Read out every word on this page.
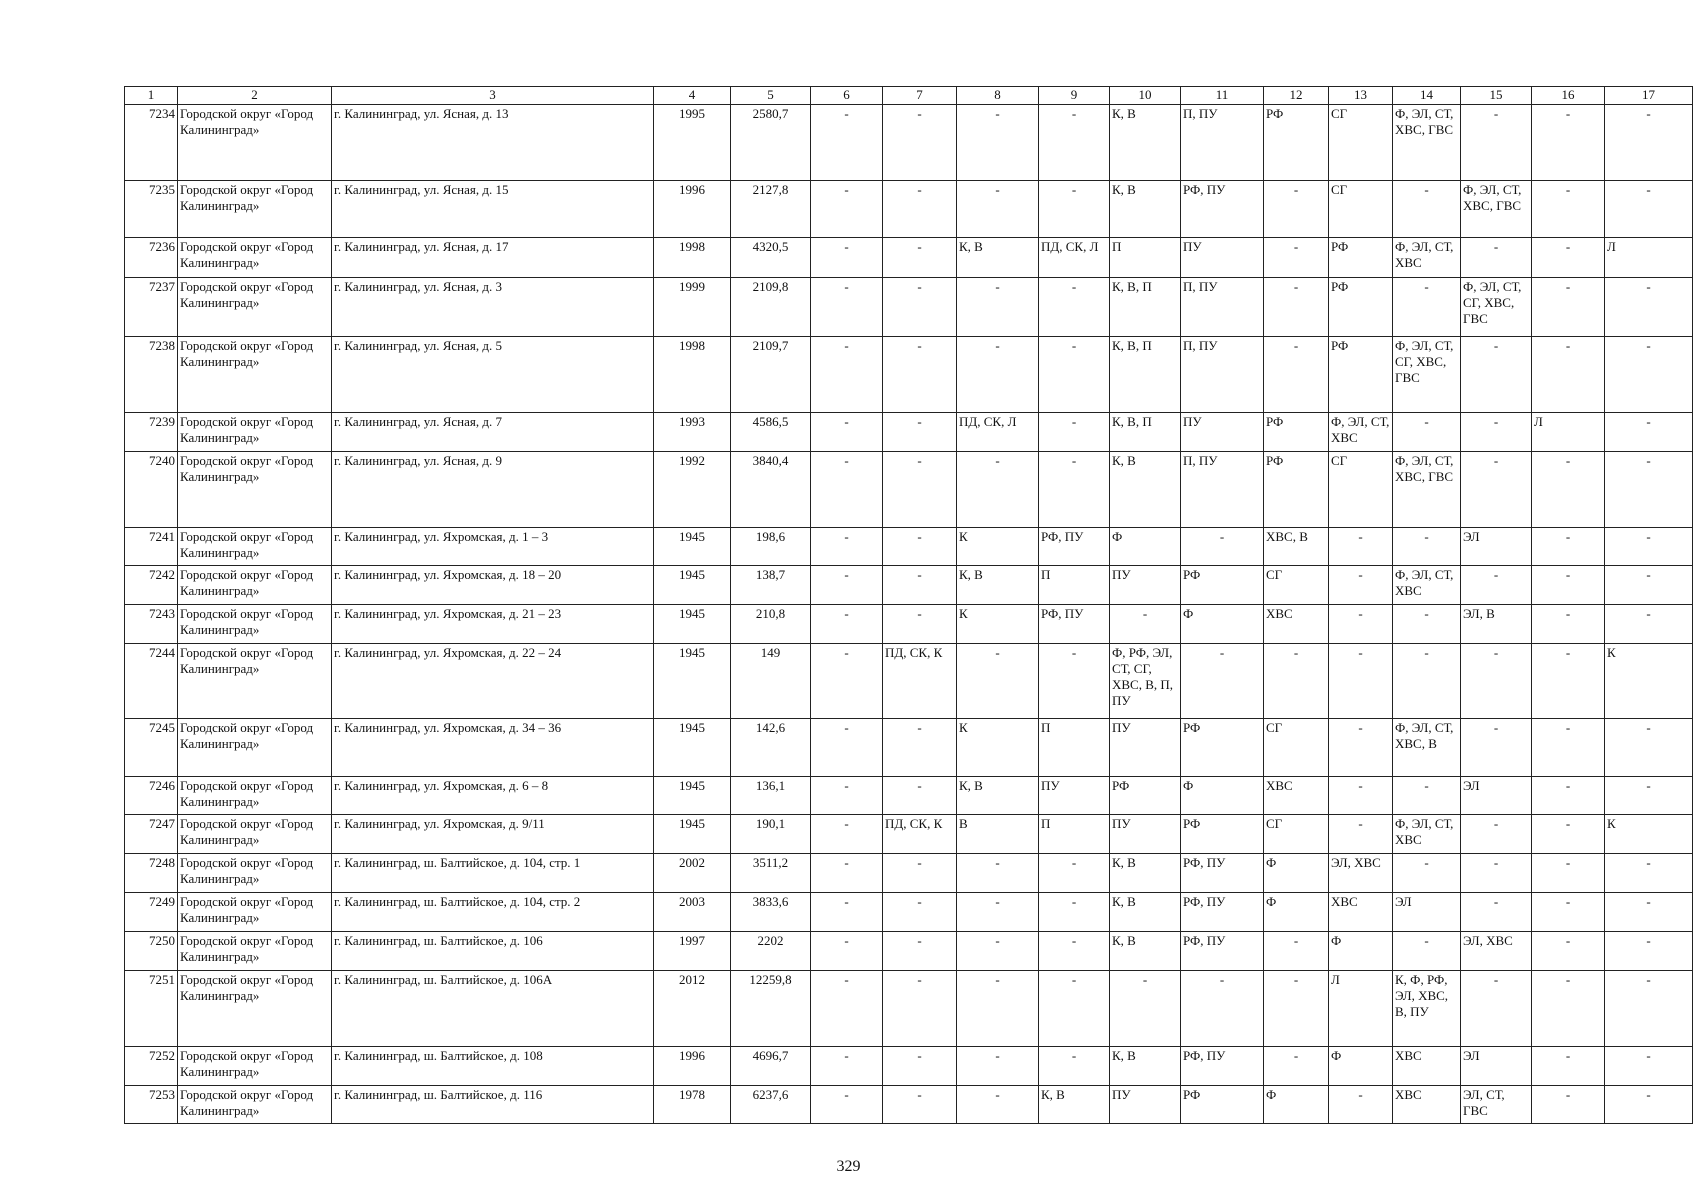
1	2	3	4	5	6	7	8	9	10	11	12	13	14	15	16	17
7234	Городской округ «Город Калининград»	г. Калининград, ул. Ясная, д. 13	1995	2580,7	-	-	-	-	К, В	П, ПУ	РФ	СГ	Ф, ЭЛ, СТ, ХВС, ГВС	-	-	-
7235	Городской округ «Город Калининград»	г. Калининград, ул. Ясная, д. 15	1996	2127,8	-	-	-	-	К, В	РФ, ПУ	-	СГ	-	Ф, ЭЛ, СТ, ХВС, ГВС	-	-
7236	Городской округ «Город Калининград»	г. Калининград, ул. Ясная, д. 17	1998	4320,5	-	-	К, В	ПД, СК, Л	П	ПУ	-	РФ	Ф, ЭЛ, СТ, ХВС	-	-	Л
7237	Городской округ «Город Калининград»	г. Калининград, ул. Ясная, д. 3	1999	2109,8	-	-	-	-	К, В, П	П, ПУ	-	РФ	-	Ф, ЭЛ, СТ, СГ, ХВС, ГВС	-	-
7238	Городской округ «Город Калининград»	г. Калининград, ул. Ясная, д. 5	1998	2109,7	-	-	-	-	К, В, П	П, ПУ	-	РФ	Ф, ЭЛ, СТ, СГ, ХВС, ГВС	-	-	-
7239	Городской округ «Город Калининград»	г. Калининград, ул. Ясная, д. 7	1993	4586,5	-	-	ПД, СК, Л	-	К, В, П	ПУ	РФ	Ф, ЭЛ, СТ, ХВС	-	-	Л	-
7240	Городской округ «Город Калининград»	г. Калининград, ул. Ясная, д. 9	1992	3840,4	-	-	-	-	К, В	П, ПУ	РФ	СГ	Ф, ЭЛ, СТ, ХВС, ГВС	-	-	-
7241	Городской округ «Город Калининград»	г. Калининград, ул. Яхромская, д. 1 – 3	1945	198,6	-	-	К	РФ, ПУ	Ф	-	ХВС, В	-	-	ЭЛ	-	-
7242	Городской округ «Город Калининград»	г. Калининград, ул. Яхромская, д. 18 – 20	1945	138,7	-	-	К, В	П	ПУ	РФ	СГ	-	Ф, ЭЛ, СТ, ХВС	-	-	-
7243	Городской округ «Город Калининград»	г. Калининград, ул. Яхромская, д. 21 – 23	1945	210,8	-	-	К	РФ, ПУ	-	Ф	ХВС	-	-	ЭЛ, В	-	-
7244	Городской округ «Город Калининград»	г. Калининград, ул. Яхромская, д. 22 – 24	1945	149	-	ПД, СК, К	-	-	Ф, РФ, ЭЛ, СТ, СГ, ХВС, В, П, ПУ	-	-	-	-	-	-	К
7245	Городской округ «Город Калининград»	г. Калининград, ул. Яхромская, д. 34 – 36	1945	142,6	-	-	К	П	ПУ	РФ	СГ	-	Ф, ЭЛ, СТ, ХВС, В	-	-	-
7246	Городской округ «Город Калининград»	г. Калининград, ул. Яхромская, д. 6 – 8	1945	136,1	-	-	К, В	ПУ	РФ	Ф	ХВС	-	-	ЭЛ	-	-
7247	Городской округ «Город Калининград»	г. Калининград, ул. Яхромская, д. 9/11	1945	190,1	-	ПД, СК, К	В	П	ПУ	РФ	СГ	-	Ф, ЭЛ, СТ, ХВС	-	-	К
7248	Городской округ «Город Калининград»	г. Калининград, ш. Балтийское, д. 104, стр. 1	2002	3511,2	-	-	-	-	К, В	РФ, ПУ	Ф	ЭЛ, ХВС	-	-	-	-
7249	Городской округ «Город Калининград»	г. Калининград, ш. Балтийское, д. 104, стр. 2	2003	3833,6	-	-	-	-	К, В	РФ, ПУ	Ф	ХВС	ЭЛ	-	-	-
7250	Городской округ «Город Калининград»	г. Калининград, ш. Балтийское, д. 106	1997	2202	-	-	-	-	К, В	РФ, ПУ	-	Ф	-	ЭЛ, ХВС	-	-
7251	Городской округ «Город Калининград»	г. Калининград, ш. Балтийское, д. 106А	2012	12259,8	-	-	-	-	-	-	-	Л	К, Ф, РФ, ЭЛ, ХВС, В, ПУ	-	-	-
7252	Городской округ «Город Калининград»	г. Калининград, ш. Балтийское, д. 108	1996	4696,7	-	-	-	-	К, В	РФ, ПУ	-	Ф	ХВС	ЭЛ	-	-
7253	Городской округ «Город Калининград»	г. Калининград, ш. Балтийское, д. 116	1978	6237,6	-	-	-	К, В	ПУ	РФ	Ф	-	ХВС	ЭЛ, СТ, ГВС	-	-
329
